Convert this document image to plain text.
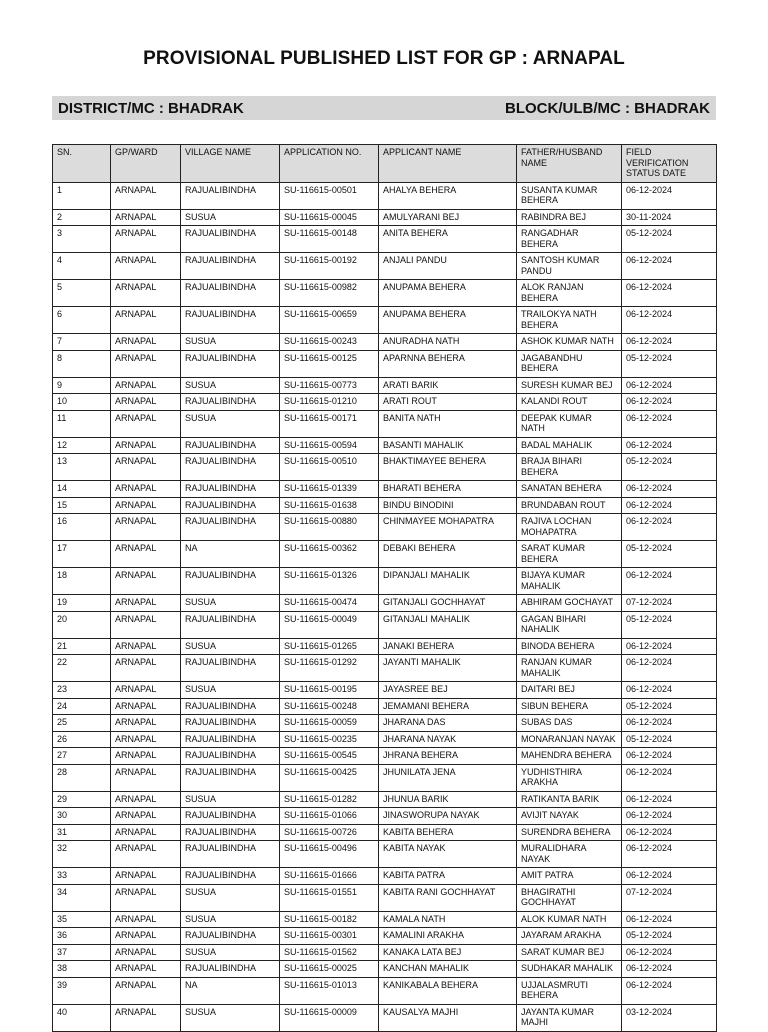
PROVISIONAL PUBLISHED LIST FOR GP : ARNAPAL
DISTRICT/MC : BHADRAK	BLOCK/ULB/MC : BHADRAK
SN.	GP/WARD	VILLAGE NAME	APPLICATION NO.	APPLICANT NAME	FATHER/HUSBAND NAME	FIELD VERIFICATION STATUS DATE
1	ARNAPAL	RAJUALIBINDHA	SU-116615-00501	AHALYA BEHERA	SUSANTA KUMAR BEHERA	06-12-2024
2	ARNAPAL	SUSUA	SU-116615-00045	AMULYARANI BEJ	RABINDRA BEJ	30-11-2024
3	ARNAPAL	RAJUALIBINDHA	SU-116615-00148	ANITA BEHERA	RANGADHAR BEHERA	05-12-2024
4	ARNAPAL	RAJUALIBINDHA	SU-116615-00192	ANJALI PANDU	SANTOSH KUMAR PANDU	06-12-2024
5	ARNAPAL	RAJUALIBINDHA	SU-116615-00982	ANUPAMA BEHERA	ALOK RANJAN BEHERA	06-12-2024
6	ARNAPAL	RAJUALIBINDHA	SU-116615-00659	ANUPAMA BEHERA	TRAILOKYA NATH BEHERA	06-12-2024
7	ARNAPAL	SUSUA	SU-116615-00243	ANURADHA NATH	ASHOK KUMAR NATH	06-12-2024
8	ARNAPAL	RAJUALIBINDHA	SU-116615-00125	APARNNA BEHERA	JAGABANDHU BEHERA	05-12-2024
9	ARNAPAL	SUSUA	SU-116615-00773	ARATI BARIK	SURESH KUMAR BEJ	06-12-2024
10	ARNAPAL	RAJUALIBINDHA	SU-116615-01210	ARATI ROUT	KALANDI ROUT	06-12-2024
11	ARNAPAL	SUSUA	SU-116615-00171	BANITA NATH	DEEPAK KUMAR NATH	06-12-2024
12	ARNAPAL	RAJUALIBINDHA	SU-116615-00594	BASANTI MAHALIK	BADAL MAHALIK	06-12-2024
13	ARNAPAL	RAJUALIBINDHA	SU-116615-00510	BHAKTIMAYEE BEHERA	BRAJA BIHARI BEHERA	05-12-2024
14	ARNAPAL	RAJUALIBINDHA	SU-116615-01339	BHARATI BEHERA	SANATAN BEHERA	06-12-2024
15	ARNAPAL	RAJUALIBINDHA	SU-116615-01638	BINDU BINODINI	BRUNDABAN ROUT	06-12-2024
16	ARNAPAL	RAJUALIBINDHA	SU-116615-00880	CHINMAYEE MOHAPATRA	RAJIVA LOCHAN MOHAPATRA	06-12-2024
17	ARNAPAL	NA	SU-116615-00362	DEBAKI BEHERA	SARAT KUMAR BEHERA	05-12-2024
18	ARNAPAL	RAJUALIBINDHA	SU-116615-01326	DIPANJALI MAHALIK	BIJAYA KUMAR MAHALIK	06-12-2024
19	ARNAPAL	SUSUA	SU-116615-00474	GITANJALI GOCHHAYAT	ABHIRAM GOCHAYAT	07-12-2024
20	ARNAPAL	RAJUALIBINDHA	SU-116615-00049	GITANJALI MAHALIK	GAGAN BIHARI NAHALIK	05-12-2024
21	ARNAPAL	SUSUA	SU-116615-01265	JANAKI BEHERA	BINODA BEHERA	06-12-2024
22	ARNAPAL	RAJUALIBINDHA	SU-116615-01292	JAYANTI MAHALIK	RANJAN KUMAR MAHALIK	06-12-2024
23	ARNAPAL	SUSUA	SU-116615-00195	JAYASREE BEJ	DAITARI BEJ	06-12-2024
24	ARNAPAL	RAJUALIBINDHA	SU-116615-00248	JEMAMANI BEHERA	SIBUN BEHERA	05-12-2024
25	ARNAPAL	RAJUALIBINDHA	SU-116615-00059	JHARANA DAS	SUBAS DAS	06-12-2024
26	ARNAPAL	RAJUALIBINDHA	SU-116615-00235	JHARANA NAYAK	MONARANJAN NAYAK	05-12-2024
27	ARNAPAL	RAJUALIBINDHA	SU-116615-00545	JHRANA BEHERA	MAHENDRA BEHERA	06-12-2024
28	ARNAPAL	RAJUALIBINDHA	SU-116615-00425	JHUNILATA JENA	YUDHISTHIRA ARAKHA	06-12-2024
29	ARNAPAL	SUSUA	SU-116615-01282	JHUNUA BARIK	RATIKANTA BARIK	06-12-2024
30	ARNAPAL	RAJUALIBINDHA	SU-116615-01066	JINASWORUPA NAYAK	AVIJIT NAYAK	06-12-2024
31	ARNAPAL	RAJUALIBINDHA	SU-116615-00726	KABITA BEHERA	SURENDRA BEHERA	06-12-2024
32	ARNAPAL	RAJUALIBINDHA	SU-116615-00496	KABITA NAYAK	MURALIDHARA NAYAK	06-12-2024
33	ARNAPAL	RAJUALIBINDHA	SU-116615-01666	KABITA PATRA	AMIT PATRA	06-12-2024
34	ARNAPAL	SUSUA	SU-116615-01551	KABITA RANI GOCHHAYAT	BHAGIRATHI GOCHHAYAT	07-12-2024
35	ARNAPAL	SUSUA	SU-116615-00182	KAMALA NATH	ALOK KUMAR NATH	06-12-2024
36	ARNAPAL	RAJUALIBINDHA	SU-116615-00301	KAMALINI ARAKHA	JAYARAM ARAKHA	05-12-2024
37	ARNAPAL	SUSUA	SU-116615-01562	KANAKA LATA BEJ	SARAT KUMAR BEJ	06-12-2024
38	ARNAPAL	RAJUALIBINDHA	SU-116615-00025	KANCHAN MAHALIK	SUDHAKAR MAHALIK	06-12-2024
39	ARNAPAL	NA	SU-116615-01013	KANIKABALA BEHERA	UJJALASMRUTI BEHERA	06-12-2024
40	ARNAPAL	SUSUA	SU-116615-00009	KAUSALYA MAJHI	JAYANTA KUMAR MAJHI	03-12-2024
